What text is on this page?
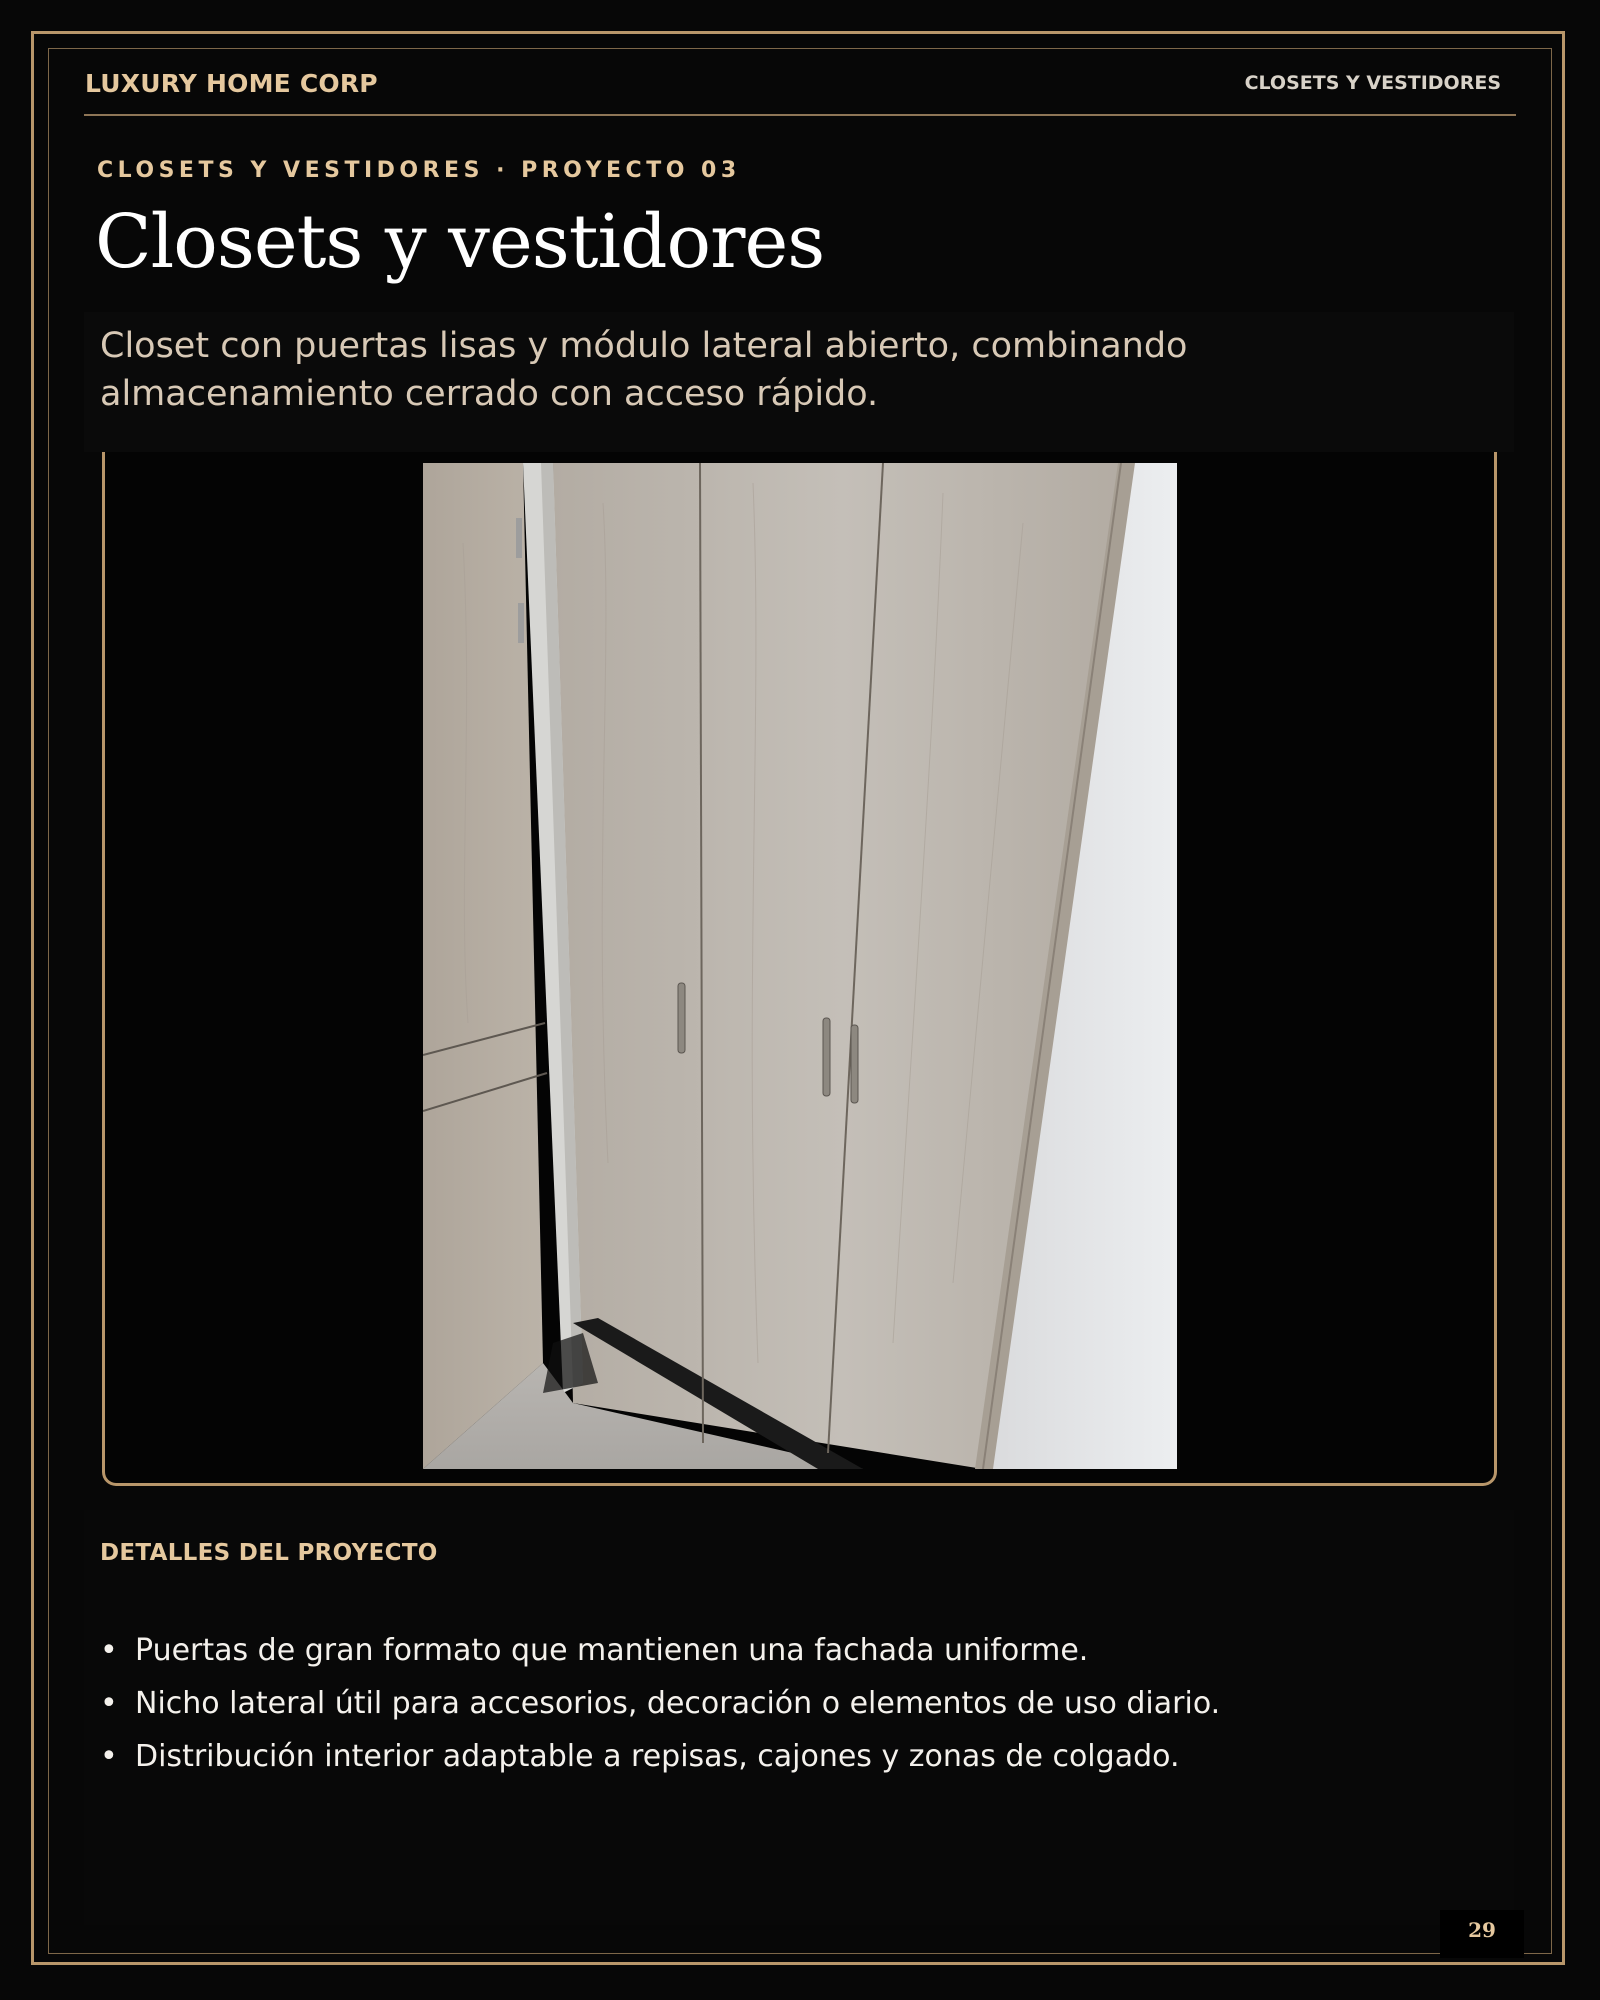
LUXURY HOME CORP	CLOSETS Y VESTIDORES
CLOSETS Y VESTIDORES · PROYECTO 03
Closets y vestidores
Closet con puertas lisas y módulo lateral abierto, combinando almacenamiento cerrado con acceso rápido.
DETALLES DEL PROYECTO
• Puertas de gran formato que mantienen una fachada uniforme.
• Nicho lateral útil para accesorios, decoración o elementos de uso diario.
• Distribución interior adaptable a repisas, cajones y zonas de colgado.
29
